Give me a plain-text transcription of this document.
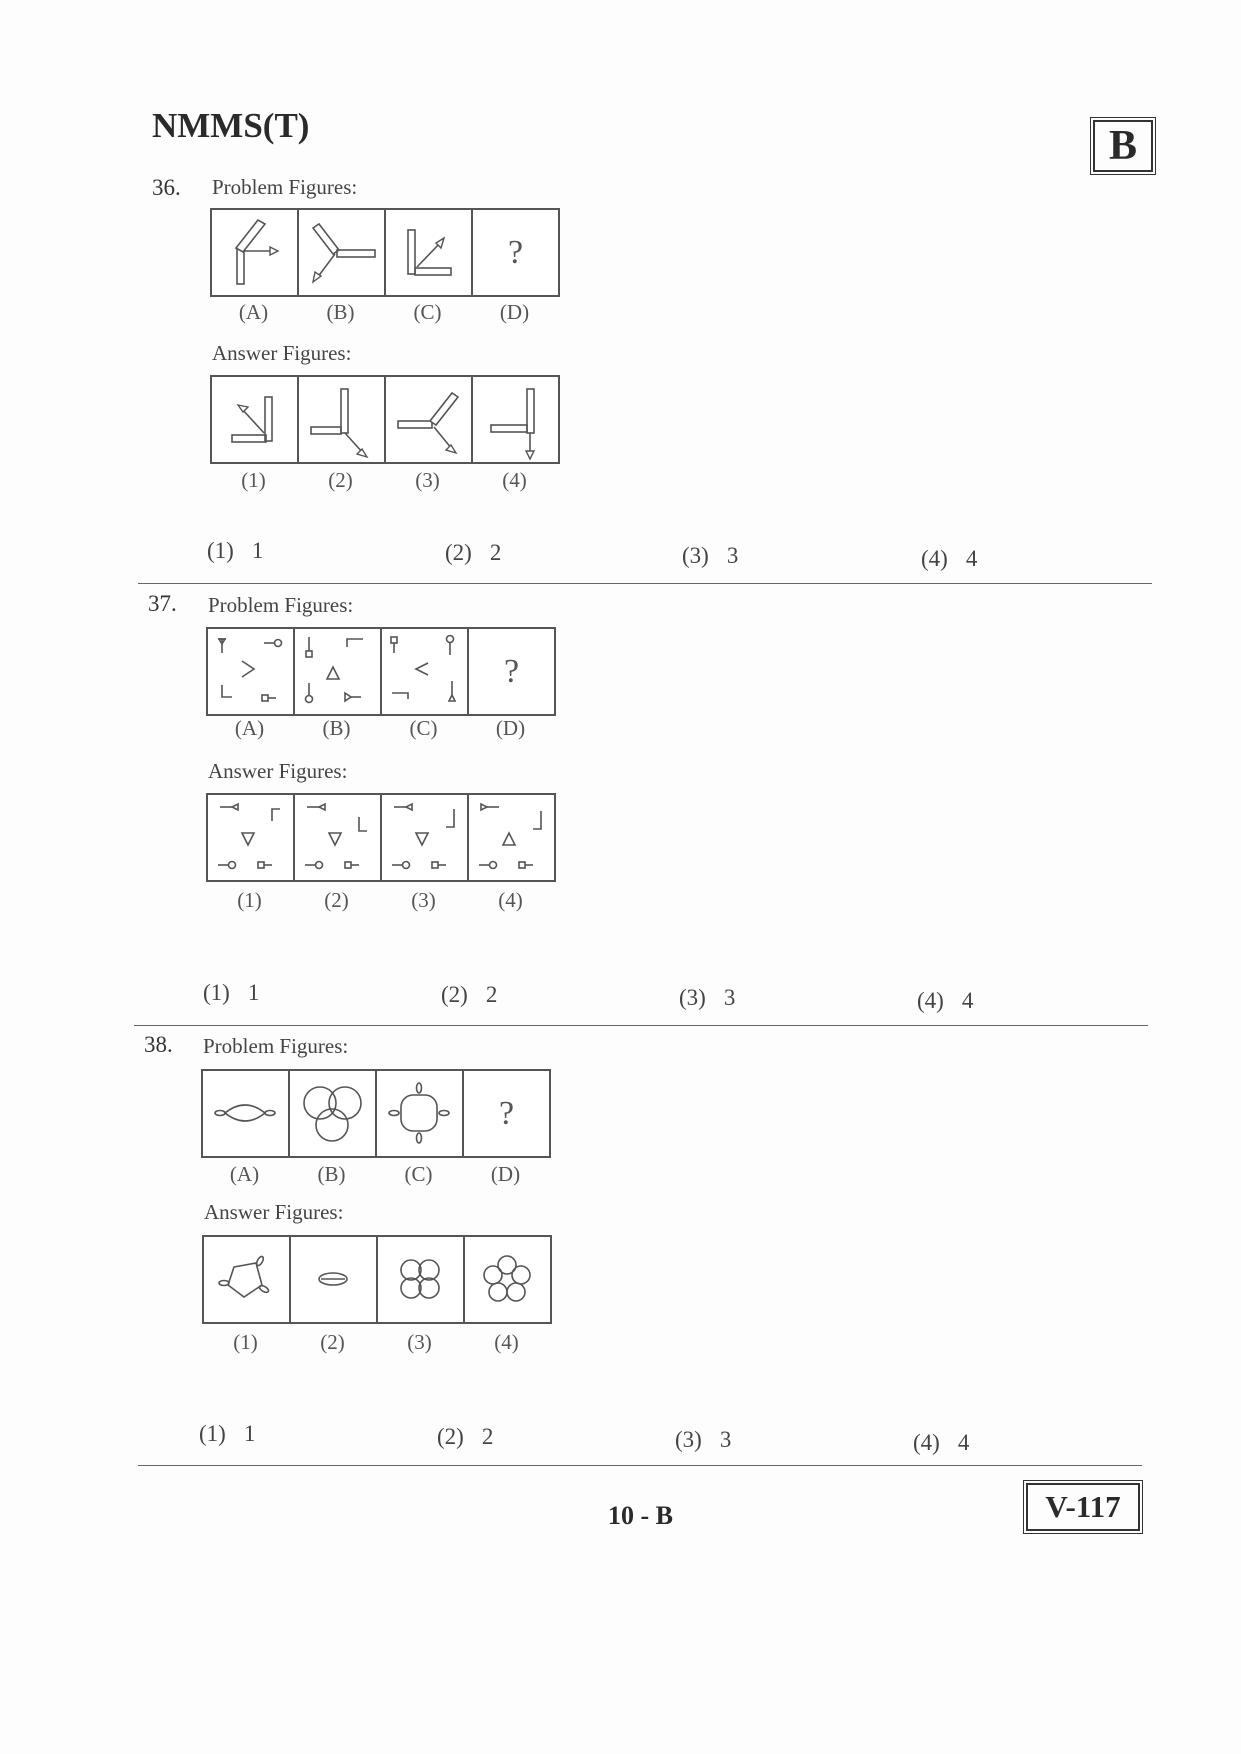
NMMS(T)	B
36. Problem Figures:
?
(A)	(B)	(C)	(D)
Answer Figures:
(1)	(2)	(3)	(4)
(1) 1	(2) 2	(3) 3	(4) 4
37. Problem Figures:
?
(A)	(B)	(C)	(D)
Answer Figures:
(1)	(2)	(3)	(4)
(1) 1	(2) 2	(3) 3	(4) 4
38. Problem Figures:
?
(A)	(B)	(C)	(D)
Answer Figures:
(1)	(2)	(3)	(4)
(1) 1	(2) 2	(3) 3	(4) 4
10 - B	V-117
